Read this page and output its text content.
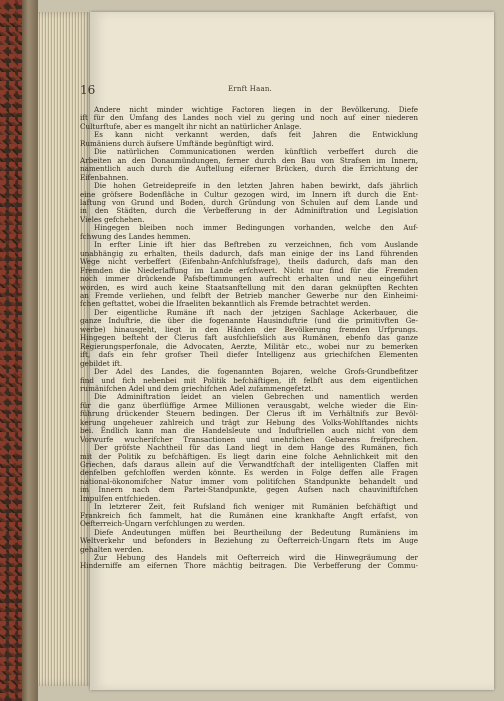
16	Ernft Haan.
Andere nicht minder wichtige Factoren liegen in der Bevölkerung. Diefe
ift für den Umfang des Landes noch viel zu gering und noch auf einer niederen
Culturftufe, aber es mangelt ihr nicht an natürlicher Anlage.
Es kann nicht verkannt werden, dafs feit Jahren die Entwicklung
Rumäniens durch äufsere Umftände begünftigt wird.
Die natürlichen Communicationen werden künftlich verbeffert durch die
Arbeiten an den Donaumündungen, ferner durch den Bau von Strafsen im Innern,
namentlich auch durch die Auftellung eiferner Brücken, durch die Errichtung der
Eifenbahnen.
Die hohen Getreidepreife in den letzten Jahren haben bewirkt, dafs jährlich
eine gröfsere Bodenfläche in Cultur gezogen wird, im Innern ift durch die Ent-
laftung von Grund und Boden, durch Gründung von Schulen auf dem Lande und
in den Städten, durch die Verbefferung in der Adminiftration und Legislation
Vieles gefchehen.
Hingegen bleiben noch immer Bedingungen vorhanden, welche den Auf-
fchwung des Landes hemmen.
In erfter Linie ift hier das Beftreben zu verzeichnen, fich vom Auslande
unabhängig zu erhalten, theils dadurch, dafs man einige der ins Land führenden
Wege nicht verbeffert (Eifenbahn-Anfchlufsfrage), theils dadurch, dafs man den
Fremden die Niederlaffung im Lande erfchwert. Nicht nur find für die Fremden
noch immer drückende Pafsbeftimmungen aufrecht erhalten und neu eingeführt
worden, es wird auch keine Staatsanftellung mit den daran geknüpften Rechten
an Fremde verliehen, und felbft der Betrieb mancher Gewerbe nur den Einheimi-
fchen geftattet, wobei die Ifraeliten bekanntlich als Fremde betrachtet werden.
Der eigentliche Rumäne ift nach der jetzigen Sachlage Ackerbauer, die
ganze Induftrie, die über die fogenannte Hausinduftrie (und die primitivften Ge-
werbe) hinausgeht, liegt in den Händen der Bevölkerung fremden Urfprungs.
Hingegen befteht der Clerus faft ausfchliefslich aus Rumänen, ebenfo das ganze
Regierungsperfonale, die Advocaten, Aerzte, Militär etc., wobei nur zu bemerken
ift, dafs ein fehr grofser Theil diefer Intelligenz aus griechifchen Elementen
gebildet ift.
Der Adel des Landes, die fogenannten Bojaren, welche Grofs-Grundbefitzer
find und fich nebenbei mit Politik befchäftigen, ift felbft aus dem eigentlichen
rumänifchen Adel und dem griechifchen Adel zufammengefetzt.
Die Adminiftration leidet an vielen Gebrechen und namentlich werden
für die ganz überflüffige Armee Millionen verausgabt, welche wieder die Ein-
führung drückender Steuern bedingen. Der Clerus ift im Verhältnifs zur Bevöl-
kerung ungeheuer zahlreich und trägt zur Hebung des Volks-Wohlftandes nichts
bei. Endlich kann man die Handelsleute und Induftriellen auch nicht von dem
Vorwurfe wucherifcher Transactionen und unehrlichen Gebarens freifprechen.
Der gröfste Nachtheil für das Land liegt in dem Hange des Rumänen, fich
mit der Politik zu befchäftigen. Es liegt darin eine folche Aehnlichkeit mit den
Griechen, dafs daraus allein auf die Verwandtfchaft der intelligenten Claffen mit
denfelben gefchloffen werden könnte. Es werden in Folge deffen alle Fragen
national-ökonomifcher Natur immer vom politifchen Standpunkte behandelt und
im Innern nach dem Partei-Standpunkte, gegen Aufsen nach chauviniftifchen
Impulfen entfchieden.
In letzterer Zeit, feit Rufsland fich weniger mit Rumänien befchäftigt und
Frankreich fich fammelt, hat die Rumänen eine krankhafte Angft erfafst, von
Oefterreich-Ungarn verfchlungen zu werden.
Diefe Andeutungen müffen bei Beurtheilung der Bedeutung Rumäniens im
Weltverkehr und befonders in Beziehung zu Oefterreich-Ungarn ftets im Auge
gehalten werden.
Zur Hebung des Handels mit Oefterreich wird die Hinwegräumung der
Hinderniffe am eifernen Thore mächtig beitragen. Die Verbefferung der Commu-
